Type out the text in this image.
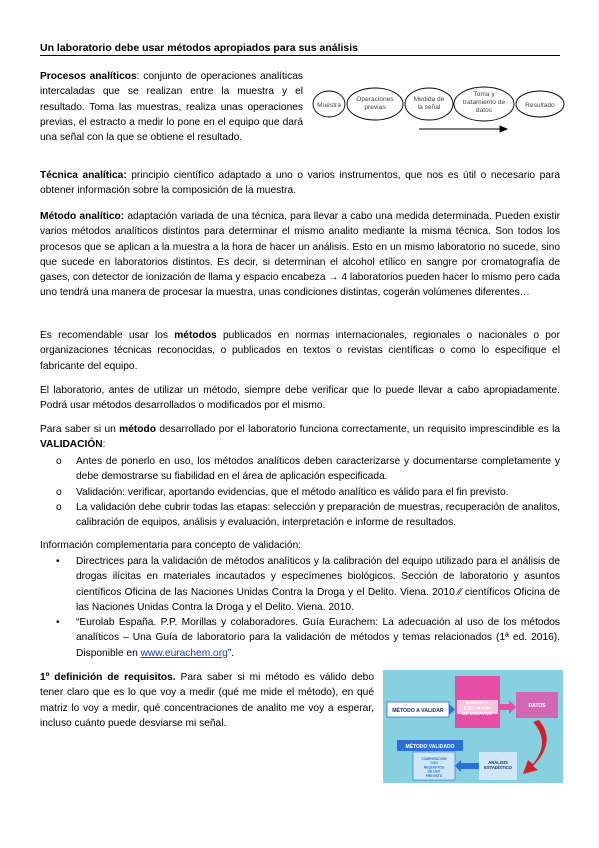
Un laboratorio debe usar métodos apropiados para sus análisis
Procesos analíticos: conjunto de operaciones analíticas intercaladas que se realizan entre la muestra y el resultado. Toma las muestras, realiza unas operaciones previas, el estracto a medir lo pone en el equipo que dará una señal con la que se obtiene el resultado.
Muestra
Operaciones previas
Medida de la señal
Toma y tratamiento de datos
Resultado
Técnica analítica: principio científico adaptado a uno o varios instrumentos, que nos es útil o necesario para obtener información sobre la composición de la muestra.
Método analítico: adaptación variada de una técnica, para llevar a cabo una medida determinada. Pueden existir varios métodos analíticos distintos para determinar el mismo analito mediante la misma técnica. Son todos los procesos que se aplican a la muestra a la hora de hacer un análisis. Esto en un mismo laboratorio no sucede, sino que sucede en laboratorios distintos. Es decir, si determinan el alcohol etílico en sangre por cromatografía de gases, con detector de ionización de llama y espacio encabeza → 4 laboratorios pueden hacer lo mismo pero cada uno tendrá una manera de procesar la muestra, unas condiciones distintas, cogerán volúmenes diferentes…
Es recomendable usar los métodos publicados en normas internacionales, regionales o nacionales o por organizaciones técnicas reconocidas, o publicados en textos o revistas científicas o como lo especifique el fabricante del equipo.
El laboratorio, antes de utilizar un método, siempre debe verificar que lo puede llevar a cabo apropiadamente. Podrá usar métodos desarrollados o modificados por el mismo.
Para saber si un método desarrollado por el laboratorio funciona correctamente, un requisito imprescindible es la VALIDACIÓN:
o Antes de ponerlo en uso, los métodos analíticos deben caracterizarse y documentarse completamente y debe demostrarse su fiabilidad en el área de aplicación especificada.
o Validación: verificar, aportando evidencias, que el método analítico es válido para el fin previsto.
o La validación debe cubrir todas las etapas: selección y preparación de muestras, recuperación de analitos, calibración de equipos, análisis y evaluación, interpretación e informe de resultados.
Información complementaria para concepto de validación:
• Directrices para la validación de métodos analíticos y la calibración del equipo utilizado para el análisis de drogas ilícitas en materiales incautados y especímenes biológicos. Sección de laboratorio y asuntos científicos Oficina de las Naciones Unidas Contra la Droga y el Delito. Viena. 2010 ⁄⁄ científicos Oficina de las Naciones Unidas Contra la Droga y el Delito. Viena. 2010.
• “Eurolab España. P.P. Morillas y colaboradores. Guía Eurachem: La adecuación al uso de los métodos analíticos – Una Guía de laboratorio para la validación de métodos y temas relacionados (1ª ed. 2016). Disponible en www.eurachem.org”.
1º definición de requisitos. Para saber si mi método es válido debo tener claro que es lo que voy a medir (qué me mide el método), en qué matriz lo voy a medir, qué concentraciones de analito me voy a esperar, incluso cuánto puede desviarse mi señal.
MÉTODO A VALIDAR
DISEÑO Y EJECUCIÓN DE ENSAYOS
DATOS
MÉTODO VALIDADO
COMPARACIÓN CON REQUISITOS DE USO PREVISTO
ANÁLISIS ESTADÍSTICO
